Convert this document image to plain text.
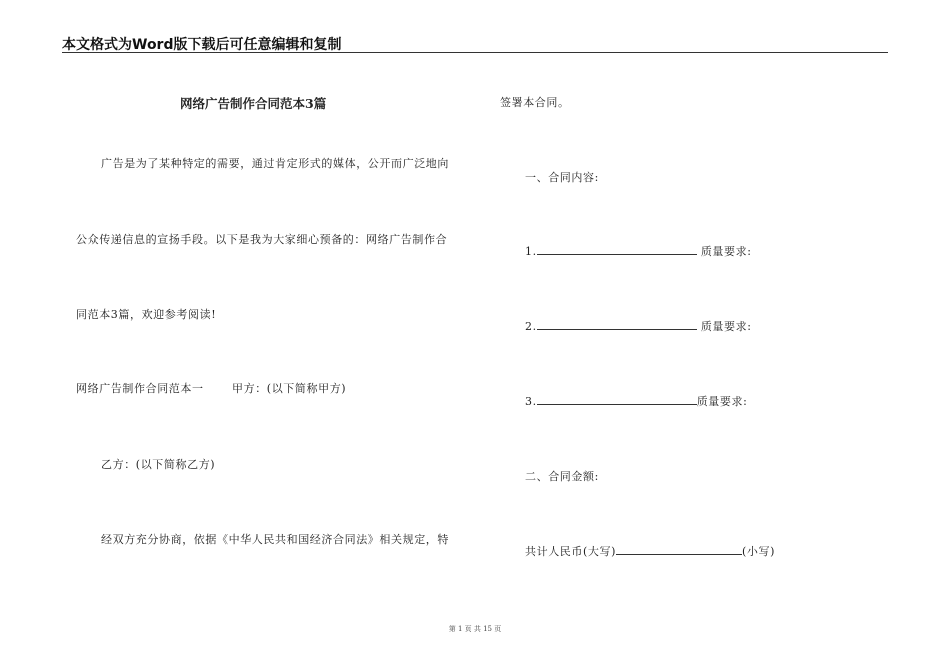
本文格式为Word版下载后可任意编辑和复制
网络广告制作合同范本3篇
广告是为了某种特定的需要，通过肯定形式的媒体，公开而广泛地向
公众传递信息的宣扬手段。以下是我为大家细心预备的：网络广告制作合
同范本3篇，欢迎参考阅读!
网络广告制作合同范本一	甲方：(以下简称甲方)
乙方：(以下简称乙方)
经双方充分协商，依据《中华人民共和国经济合同法》相关规定，特
签署本合同。
一、合同内容:
1.	质量要求:
2.	质量要求:
3.	质量要求:
二、合同金额:
共计人民币(大写)	(小写)
第 1 页 共 15 页
